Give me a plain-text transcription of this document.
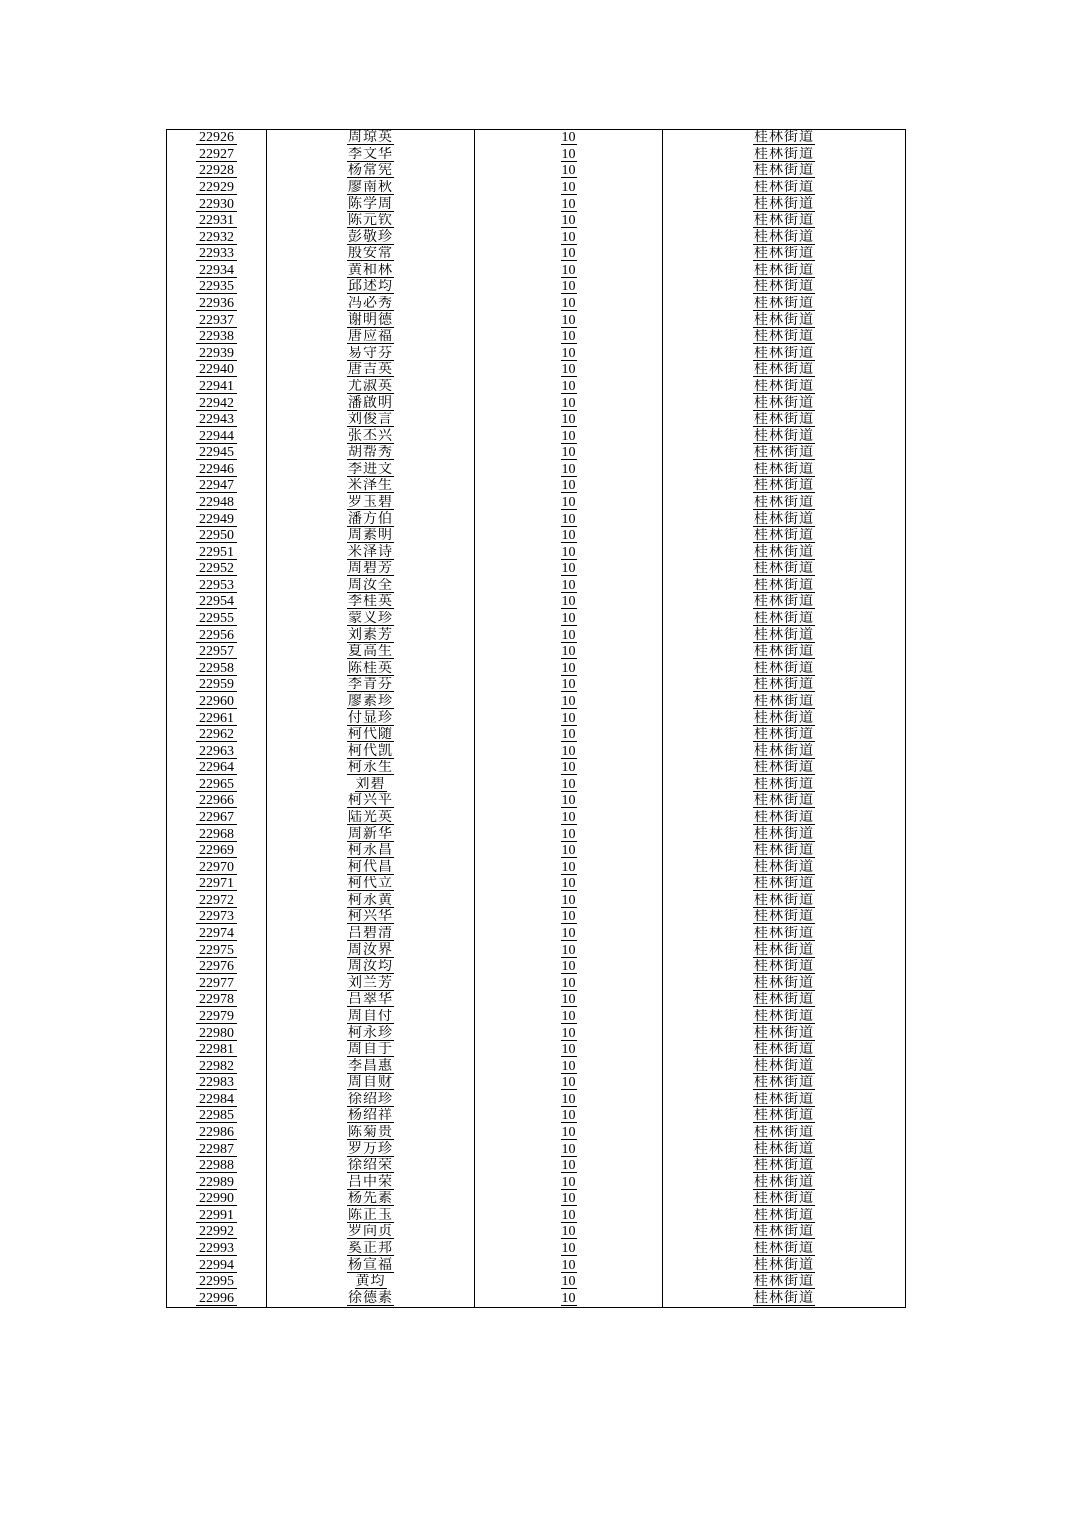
22926	周琼英	10	桂林街道
22927	李文华	10	桂林街道
22928	杨常宪	10	桂林街道
22929	廖南秋	10	桂林街道
22930	陈学周	10	桂林街道
22931	陈元钦	10	桂林街道
22932	彭敬珍	10	桂林街道
22933	殷安常	10	桂林街道
22934	黄和林	10	桂林街道
22935	邱述均	10	桂林街道
22936	冯必秀	10	桂林街道
22937	谢明德	10	桂林街道
22938	唐应福	10	桂林街道
22939	易守芬	10	桂林街道
22940	唐吉英	10	桂林街道
22941	尤淑英	10	桂林街道
22942	潘啟明	10	桂林街道
22943	刘俊言	10	桂林街道
22944	张丕兴	10	桂林街道
22945	胡帮秀	10	桂林街道
22946	李进文	10	桂林街道
22947	米泽生	10	桂林街道
22948	罗玉碧	10	桂林街道
22949	潘方伯	10	桂林街道
22950	周素明	10	桂林街道
22951	米泽诗	10	桂林街道
22952	周碧芳	10	桂林街道
22953	周汝全	10	桂林街道
22954	李桂英	10	桂林街道
22955	蒙义珍	10	桂林街道
22956	刘素芳	10	桂林街道
22957	夏高生	10	桂林街道
22958	陈桂英	10	桂林街道
22959	李青芬	10	桂林街道
22960	廖素珍	10	桂林街道
22961	付显珍	10	桂林街道
22962	柯代随	10	桂林街道
22963	柯代凯	10	桂林街道
22964	柯永生	10	桂林街道
22965	刘碧	10	桂林街道
22966	柯兴平	10	桂林街道
22967	陆光英	10	桂林街道
22968	周新华	10	桂林街道
22969	柯永昌	10	桂林街道
22970	柯代昌	10	桂林街道
22971	柯代立	10	桂林街道
22972	柯永黄	10	桂林街道
22973	柯兴华	10	桂林街道
22974	吕碧清	10	桂林街道
22975	周汝界	10	桂林街道
22976	周汝均	10	桂林街道
22977	刘兰芳	10	桂林街道
22978	吕翠华	10	桂林街道
22979	周自付	10	桂林街道
22980	柯永珍	10	桂林街道
22981	周自于	10	桂林街道
22982	李昌惠	10	桂林街道
22983	周自财	10	桂林街道
22984	徐绍珍	10	桂林街道
22985	杨绍祥	10	桂林街道
22986	陈菊贵	10	桂林街道
22987	罗万珍	10	桂林街道
22988	徐绍荣	10	桂林街道
22989	吕中荣	10	桂林街道
22990	杨先素	10	桂林街道
22991	陈正玉	10	桂林街道
22992	罗向贞	10	桂林街道
22993	奚正邦	10	桂林街道
22994	杨宣福	10	桂林街道
22995	黄均	10	桂林街道
22996	徐德素	10	桂林街道
